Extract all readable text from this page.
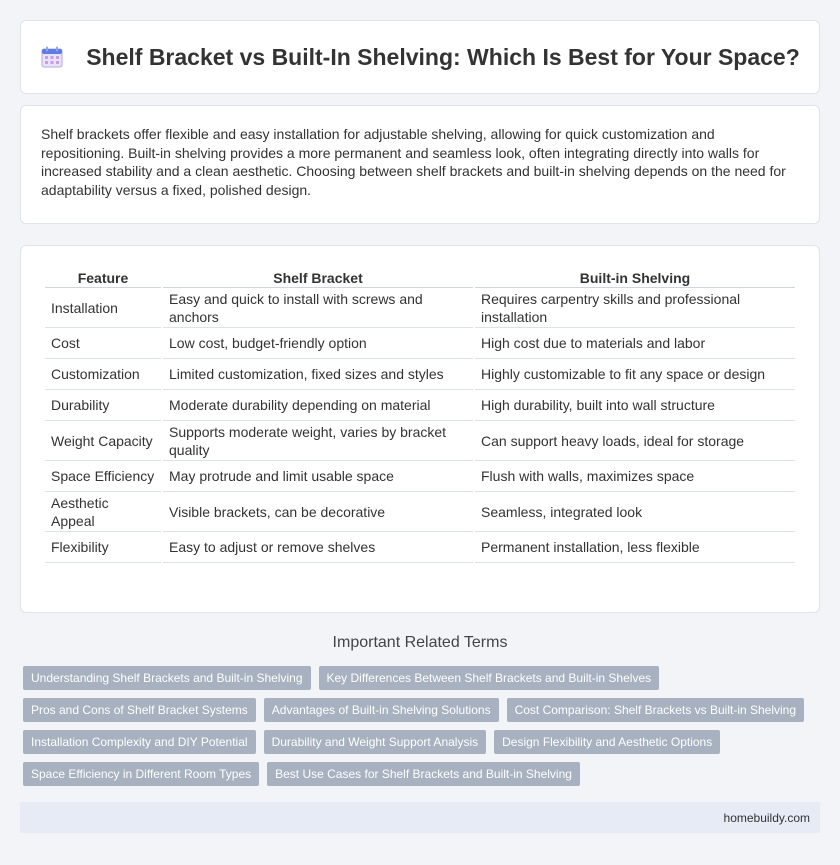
Shelf Bracket vs Built-In Shelving: Which Is Best for Your Space?

Shelf brackets offer flexible and easy installation for adjustable shelving, allowing for quick customization and repositioning. Built-in shelving provides a more permanent and seamless look, often integrating directly into walls for increased stability and a clean aesthetic. Choosing between shelf brackets and built-in shelving depends on the need for adaptability versus a fixed, polished design.

Feature	Shelf Bracket	Built-in Shelving
Installation	Easy and quick to install with screws and anchors	Requires carpentry skills and professional installation
Cost	Low cost, budget-friendly option	High cost due to materials and labor
Customization	Limited customization, fixed sizes and styles	Highly customizable to fit any space or design
Durability	Moderate durability depending on material	High durability, built into wall structure
Weight Capacity	Supports moderate weight, varies by bracket quality	Can support heavy loads, ideal for storage
Space Efficiency	May protrude and limit usable space	Flush with walls, maximizes space
Aesthetic Appeal	Visible brackets, can be decorative	Seamless, integrated look
Flexibility	Easy to adjust or remove shelves	Permanent installation, less flexible
Important Related Terms
Understanding Shelf Brackets and Built-in Shelving	Key Differences Between Shelf Brackets and Built-in Shelves
Pros and Cons of Shelf Bracket Systems	Advantages of Built-in Shelving Solutions	Cost Comparison: Shelf Brackets vs Built-in Shelving
Installation Complexity and DIY Potential	Durability and Weight Support Analysis	Design Flexibility and Aesthetic Options
Space Efficiency in Different Room Types	Best Use Cases for Shelf Brackets and Built-in Shelving
homebuildy.com
